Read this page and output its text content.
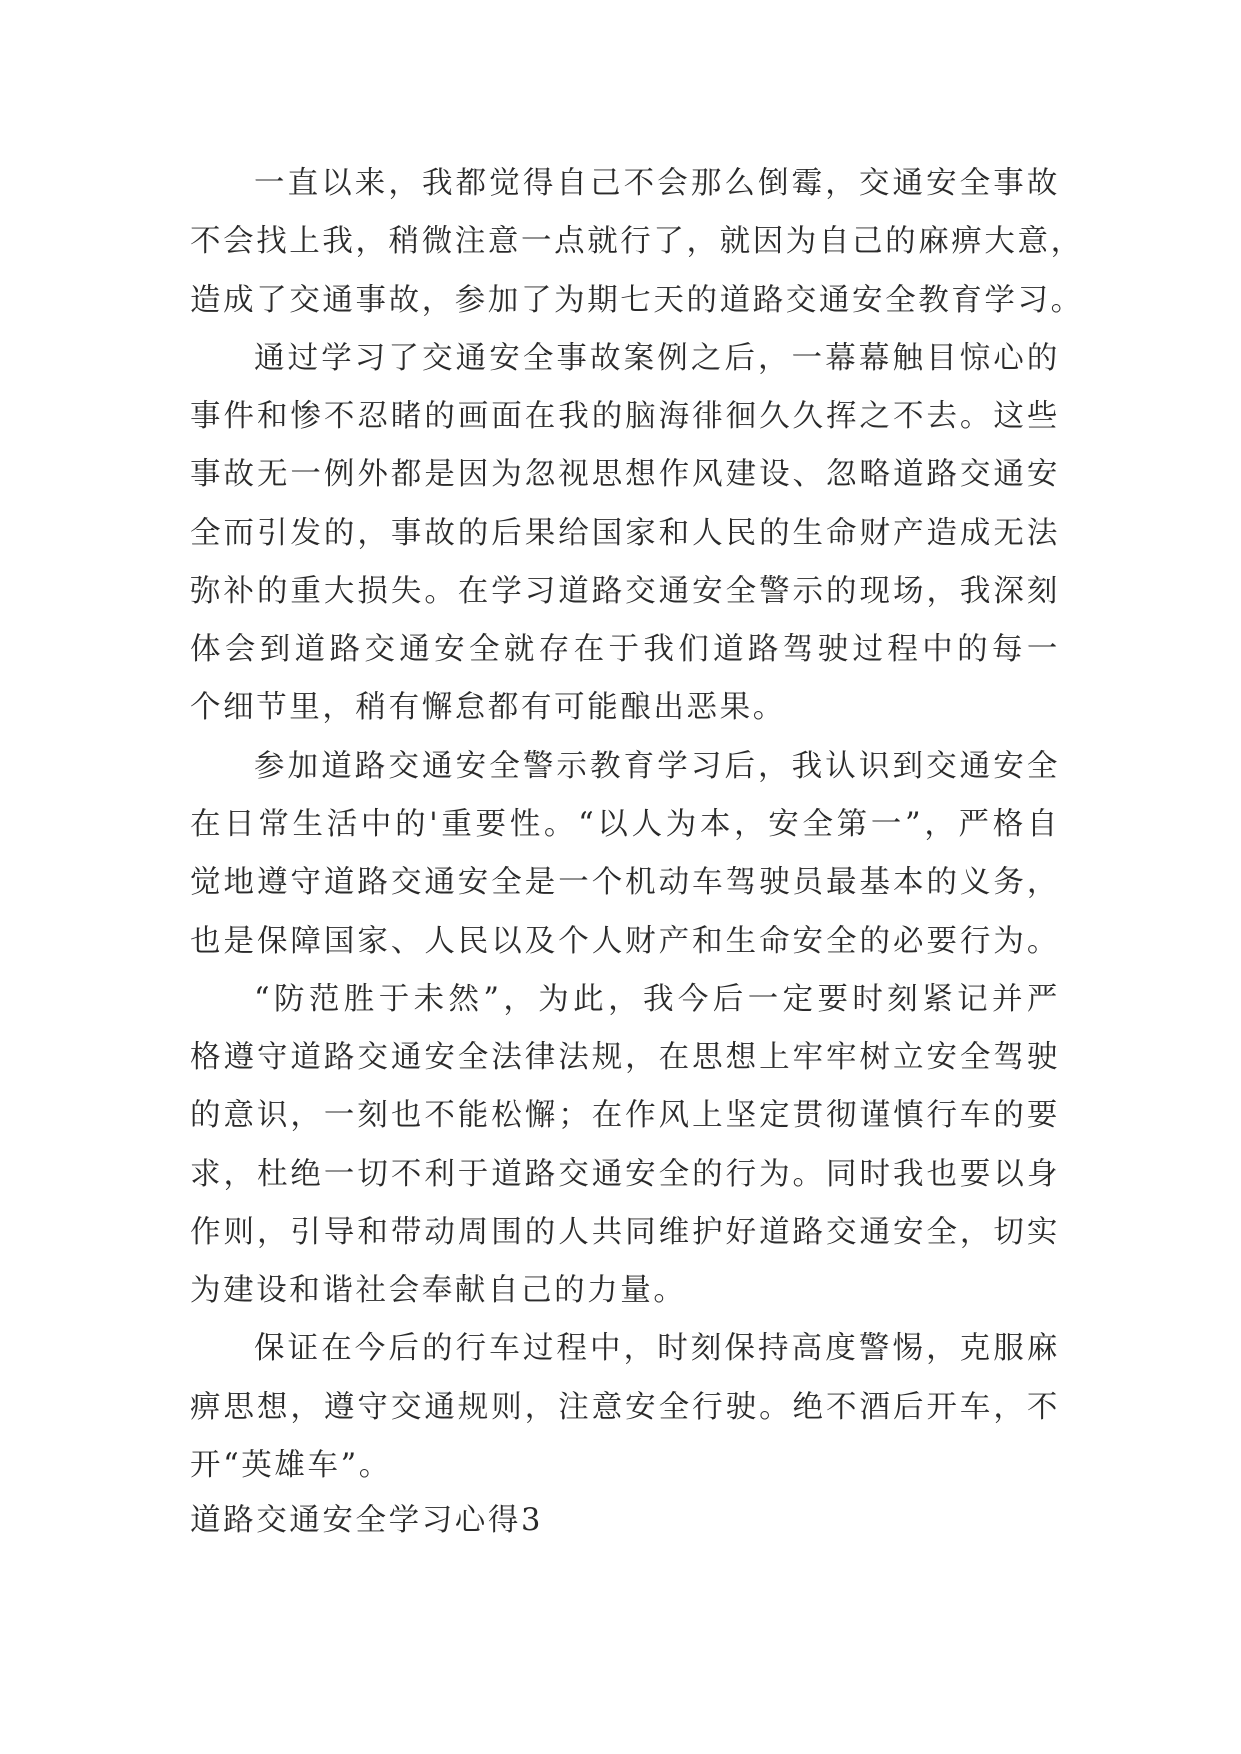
一直以来，我都觉得自己不会那么倒霉，交通安全事故
不会找上我，稍微注意一点就行了，就因为自己的麻痹大意，
造成了交通事故，参加了为期七天的道路交通安全教育学习。
通过学习了交通安全事故案例之后，一幕幕触目惊心的
事件和惨不忍睹的画面在我的脑海徘徊久久挥之不去。这些
事故无一例外都是因为忽视思想作风建设、忽略道路交通安
全而引发的，事故的后果给国家和人民的生命财产造成无法
弥补的重大损失。在学习道路交通安全警示的现场，我深刻
体会到道路交通安全就存在于我们道路驾驶过程中的每一
个细节里，稍有懈怠都有可能酿出恶果。
参加道路交通安全警示教育学习后，我认识到交通安全
在日常生活中的'重要性。“以人为本，安全第一”，严格自
觉地遵守道路交通安全是一个机动车驾驶员最基本的义务，
也是保障国家、人民以及个人财产和生命安全的必要行为。
“防范胜于未然”，为此，我今后一定要时刻紧记并严
格遵守道路交通安全法律法规，在思想上牢牢树立安全驾驶
的意识，一刻也不能松懈；在作风上坚定贯彻谨慎行车的要
求，杜绝一切不利于道路交通安全的行为。同时我也要以身
作则，引导和带动周围的人共同维护好道路交通安全，切实
为建设和谐社会奉献自己的力量。
保证在今后的行车过程中，时刻保持高度警惕，克服麻
痹思想，遵守交通规则，注意安全行驶。绝不酒后开车，不
开“英雄车”。
道路交通安全学习心得3
